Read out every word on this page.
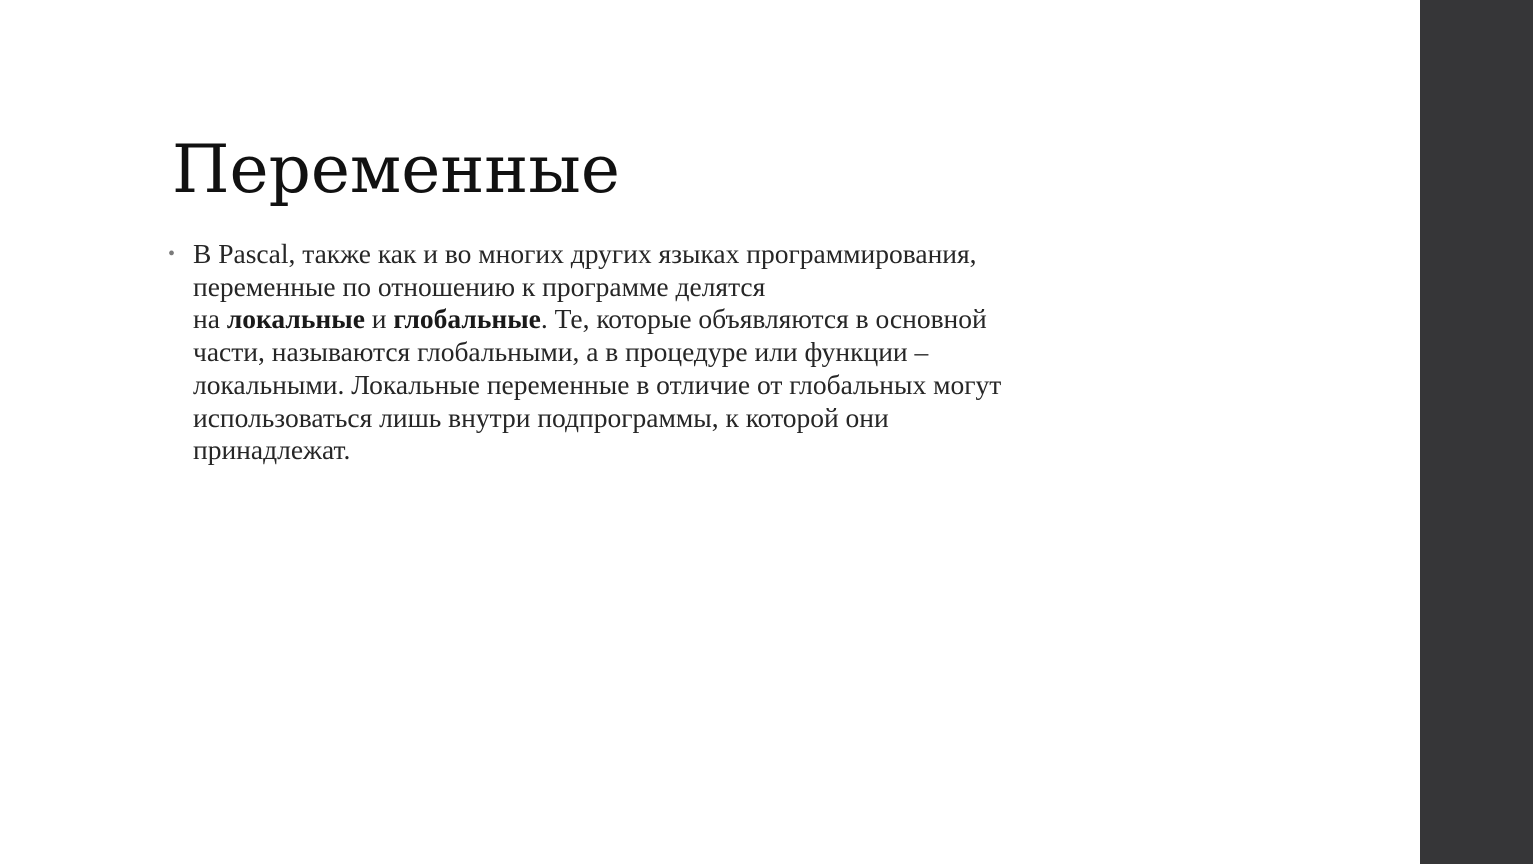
Переменные
• В Pascal, также как и во многих других языках программирования,
переменные по отношению к программе делятся
на локальные и глобальные. Те, которые объявляются в основной
части, называются глобальными, а в процедуре или функции –
локальными. Локальные переменные в отличие от глобальных могут
использоваться лишь внутри подпрограммы, к которой они
принадлежат.
